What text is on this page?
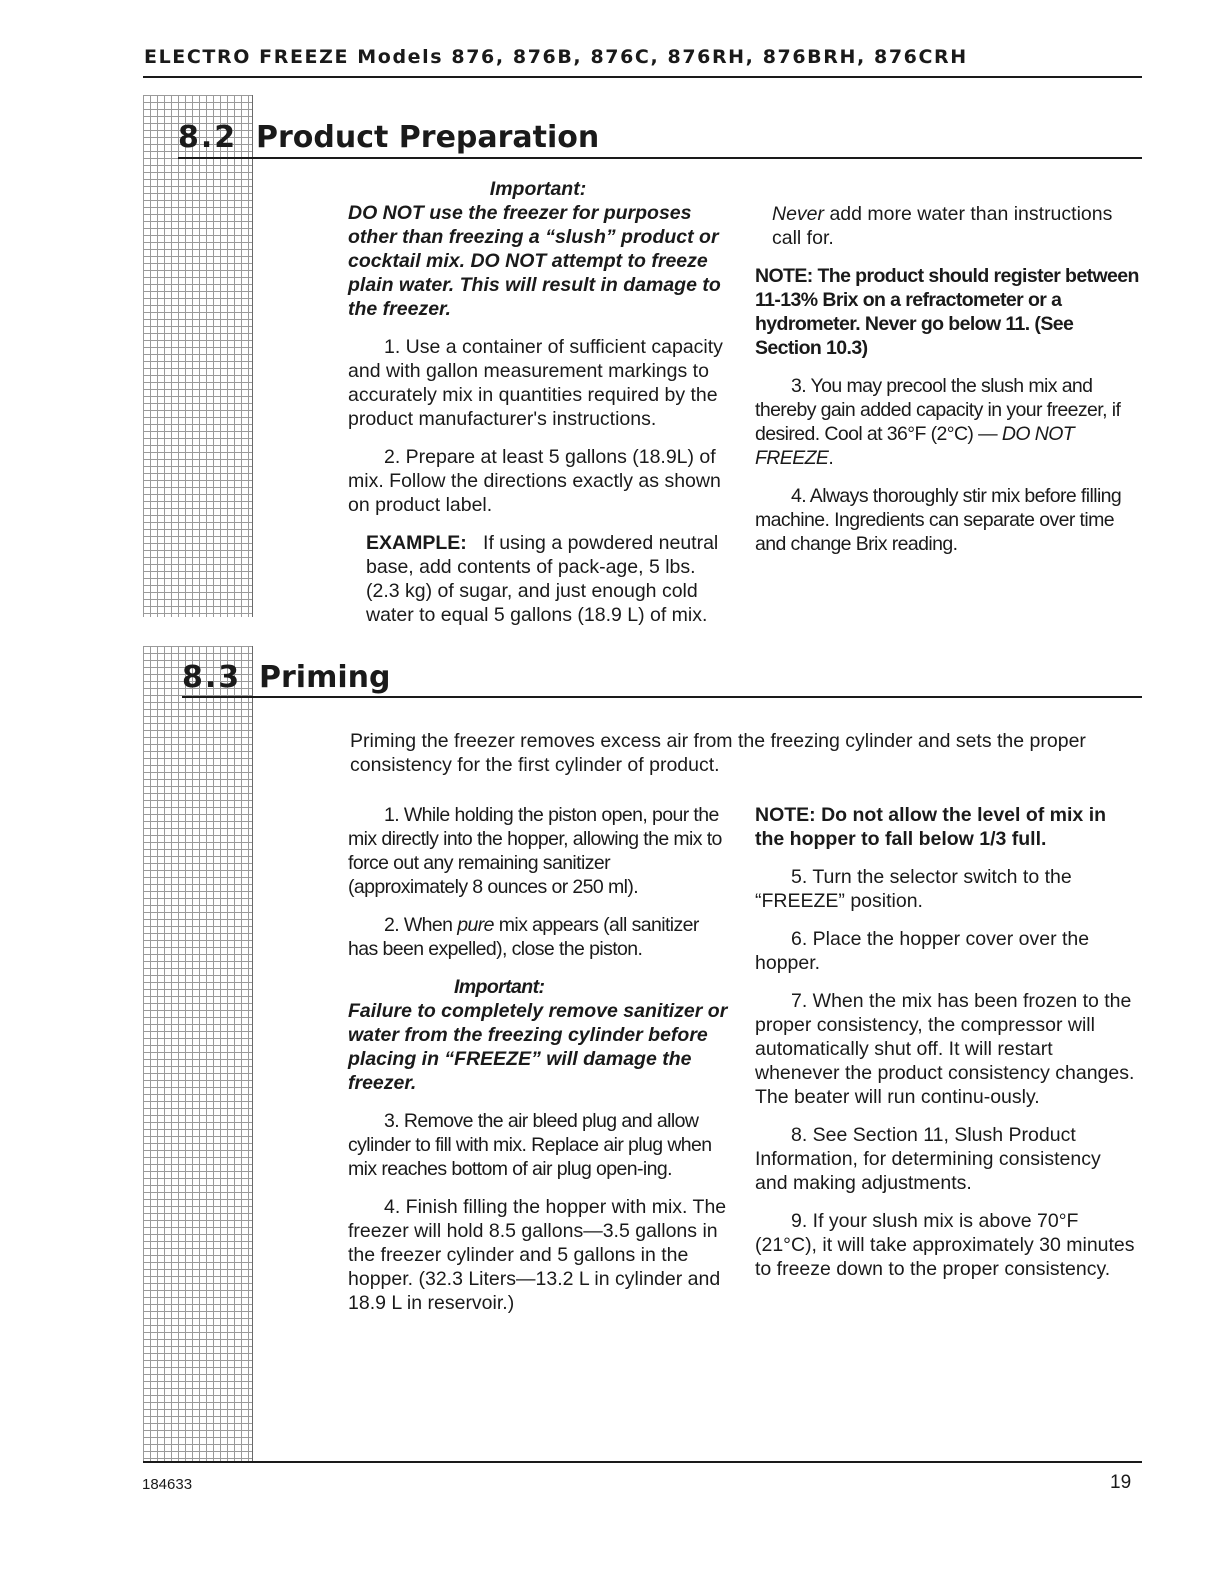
ELECTRO FREEZE Models 876, 876B, 876C, 876RH, 876BRH, 876CRH
8.2 Product Preparation
Important:

DO NOT use the freezer for purposes other than freezing a “slush” product or cocktail mix. DO NOT attempt to freeze plain water. This will result in damage to the freezer.

1. Use a container of sufficient capacity and with gallon measurement markings to accurately mix in quantities required by the product manufacturer's instructions.

2. Prepare at least 5 gallons (18.9L) of mix. Follow the directions exactly as shown on product label.

EXAMPLE: If using a powdered neutral base, add contents of pack-age, 5 lbs. (2.3 kg) of sugar, and just enough cold water to equal 5 gallons (18.9 L) of mix.
Never add more water than instructions call for.

NOTE: The product should register between 11-13% Brix on a refractometer or a hydrometer. Never go below 11. (See Section 10.3)

3. You may precool the slush mix and thereby gain added capacity in your freezer, if desired. Cool at 36°F (2°C) — DO NOT FREEZE.

4. Always thoroughly stir mix before filling machine. Ingredients can separate over time and change Brix reading.

8.3 Priming
Priming the freezer removes excess air from the freezing cylinder and sets the proper consistency for the first cylinder of product.

1. While holding the piston open, pour the mix directly into the hopper, allowing the mix to force out any remaining sanitizer (approximately 8 ounces or 250 ml).

2. When pure mix appears (all sanitizer has been expelled), close the piston.

Important:

Failure to completely remove sanitizer or water from the freezing cylinder before placing in “FREEZE” will damage the freezer.

3. Remove the air bleed plug and allow cylinder to fill with mix. Replace air plug when mix reaches bottom of air plug open-ing.

4. Finish filling the hopper with mix. The freezer will hold 8.5 gallons—3.5 gallons in the freezer cylinder and 5 gallons in the hopper. (32.3 Liters—13.2 L in cylinder and 18.9 L in reservoir.)

NOTE: Do not allow the level of mix in the hopper to fall below 1/3 full.

5. Turn the selector switch to the “FREEZE” position.

6. Place the hopper cover over the hopper.

7. When the mix has been frozen to the proper consistency, the compressor will automatically shut off. It will restart whenever the product consistency changes. The beater will run continu-ously.

8. See Section 11, Slush Product Information, for determining consistency and making adjustments.

9. If your slush mix is above 70°F (21°C), it will take approximately 30 minutes to freeze down to the proper consistency.

184633	19
